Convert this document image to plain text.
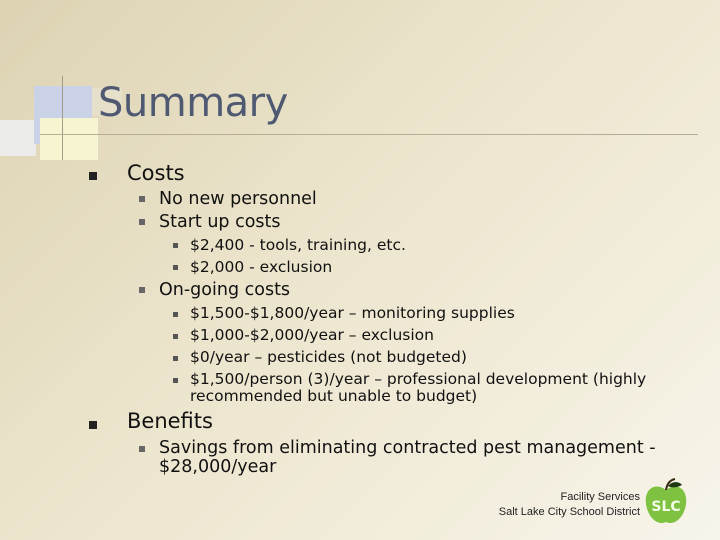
Summary
Costs
No new personnel
Start up costs
$2,400 - tools, training, etc.
$2,000 - exclusion
On-going costs
$1,500-$1,800/year – monitoring supplies
$1,000-$2,000/year – exclusion
$0/year – pesticides (not budgeted)
$1,500/person (3)/year – professional development (highly
recommended but unable to budget)
Benefits
Savings from eliminating contracted pest management -
$28,000/year
Facility Services
Salt Lake City School District SLC
